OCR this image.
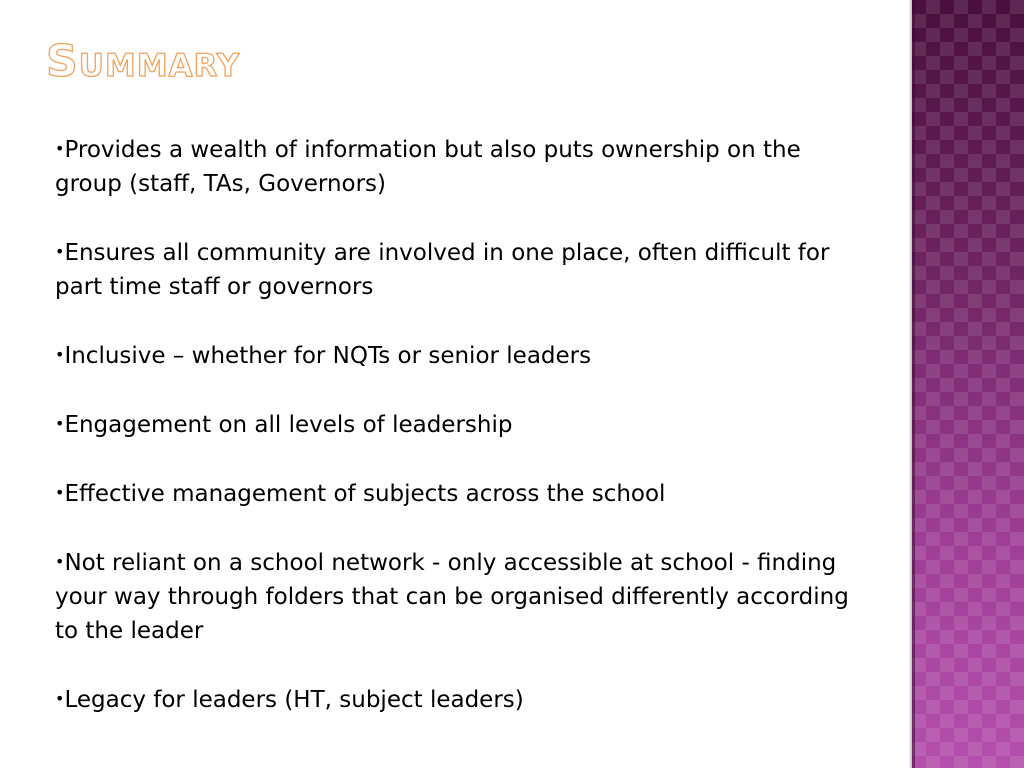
Summary
•Provides a wealth of information but also puts ownership on the group (staff, TAs, Governors)
•Ensures all community are involved in one place, often difficult for part time staff or governors
•Inclusive – whether for NQTs or senior leaders
•Engagement on all levels of leadership
•Effective management of subjects across the school
•Not reliant on a school network - only accessible at school - finding your way through folders that can be organised differently according to the leader
•Legacy for leaders (HT, subject leaders)
